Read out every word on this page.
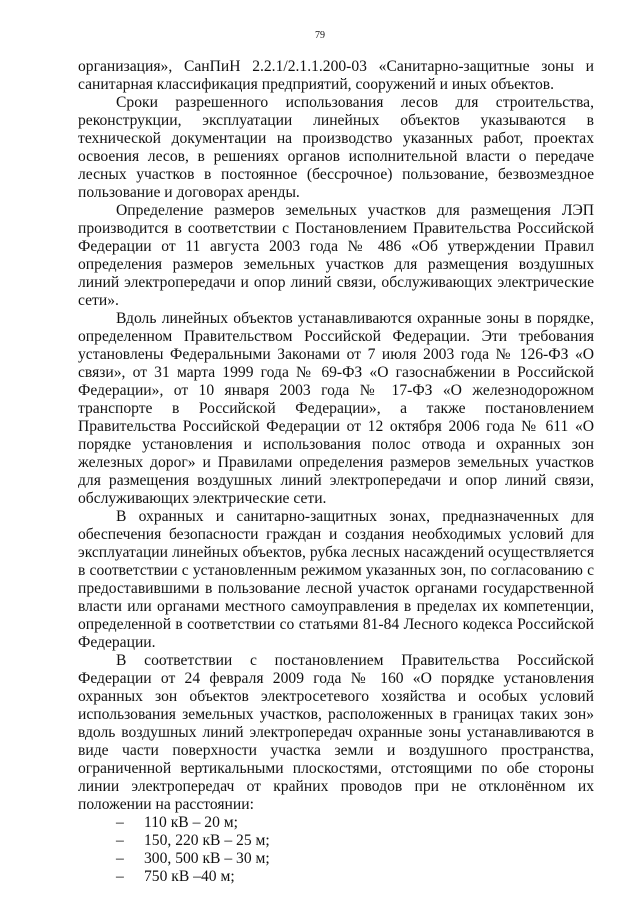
79

организация», СанПиН 2.2.1/2.1.1.200-03 «Санитарно-защитные зоны и санитарная классификация предприятий, сооружений и иных объектов.

Сроки разрешенного использования лесов для строительства, реконструкции, эксплуатации линейных объектов указываются в технической документации на производство указанных работ, проектах освоения лесов, в решениях органов исполнительной власти о передаче лесных участков в постоянное (бессрочное) пользование, безвозмездное пользование и договорах аренды.

Определение размеров земельных участков для размещения ЛЭП производится в соответствии с Постановлением Правительства Российской Федерации от 11 августа 2003 года № 486 «Об утверждении Правил определения размеров земельных участков для размещения воздушных линий электропередачи и опор линий связи, обслуживающих электрические сети».

Вдоль линейных объектов устанавливаются охранные зоны в порядке, определенном Правительством Российской Федерации. Эти требования установлены Федеральными Законами от 7 июля 2003 года № 126-ФЗ «О связи», от 31 марта 1999 года № 69-ФЗ «О газоснабжении в Российской Федерации», от 10 января 2003 года № 17-ФЗ «О железнодорожном транспорте в Российской Федерации», а также постановлением Правительства Российской Федерации от 12 октября 2006 года № 611 «О порядке установления и использования полос отвода и охранных зон железных дорог» и Правилами определения размеров земельных участков для размещения воздушных линий электропередачи и опор линий связи, обслуживающих электрические сети.

В охранных и санитарно-защитных зонах, предназначенных для обеспечения безопасности граждан и создания необходимых условий для эксплуатации линейных объектов, рубка лесных насаждений осуществляется в соответствии с установленным режимом указанных зон, по согласованию с предоставившими в пользование лесной участок органами государственной власти или органами местного самоуправления в пределах их компетенции, определенной в соответствии со статьями 81-84 Лесного кодекса Российской Федерации.

В соответствии с постановлением Правительства Российской Федерации от 24 февраля 2009 года № 160 «О порядке установления охранных зон объектов электросетевого хозяйства и особых условий использования земельных участков, расположенных в границах таких зон» вдоль воздушных линий электропередач охранные зоны устанавливаются в виде части поверхности участка земли и воздушного пространства, ограниченной вертикальными плоскостями, отстоящими по обе стороны линии электропередач от крайних проводов при не отклонённом их положении на расстоянии:

– 110 кВ – 20 м;
– 150, 220 кВ – 25 м;
– 300, 500 кВ – 30 м;
– 750 кВ –40 м;
